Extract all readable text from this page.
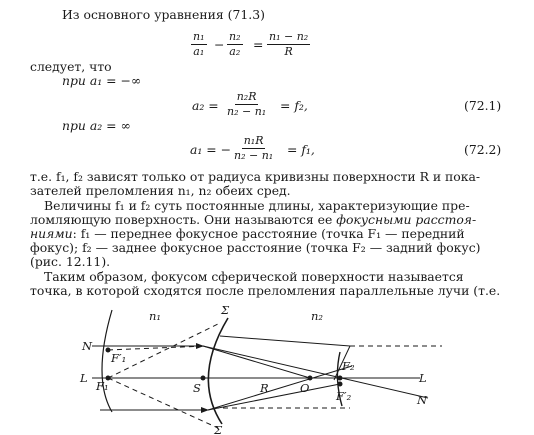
Из основного уравнения (71.3)
$\frac{\text{n₁}}{\text{a₁}} - \frac{\text{n₂}}{\text{a₂}} = \frac{\text{n₁ − n₂}}{R}$
следует, что
при a₁ = −∞
$a_2 = \frac{\text{n₂R}}{\text{n₂ − n₁}} = f_2$,	(72.1)
при a₂ = ∞
a₁ = − $\frac{\text{n₁R}}{\text{n₂ − n₁}} = f_1$,	(72.2)
т.е. f₁, f₂ зависят только от радиуса кривизны поверхности R и пока-
зателей преломления n₁, n₂ обеих сред.
Величины f₁ и f₂ суть постоянные длины, характеризующие пре-
ломляющую поверхность. Они называются ее фокусными расстоя-
ниями: f₁ — переднее фокусное расстояние (точка F₁ — передний
фокус); f₂ — заднее фокусное расстояние (точка F₂ — задний фокус)
(рис. 12.11).
Таким образом, фокусом сферической поверхности называется
точка, в которой сходятся после преломления параллельные лучи (т.е.
n₁	n₂
Σ
Σ
N
N
L	L
F₁
F′₁
S	R	O
F₂
F′₂
